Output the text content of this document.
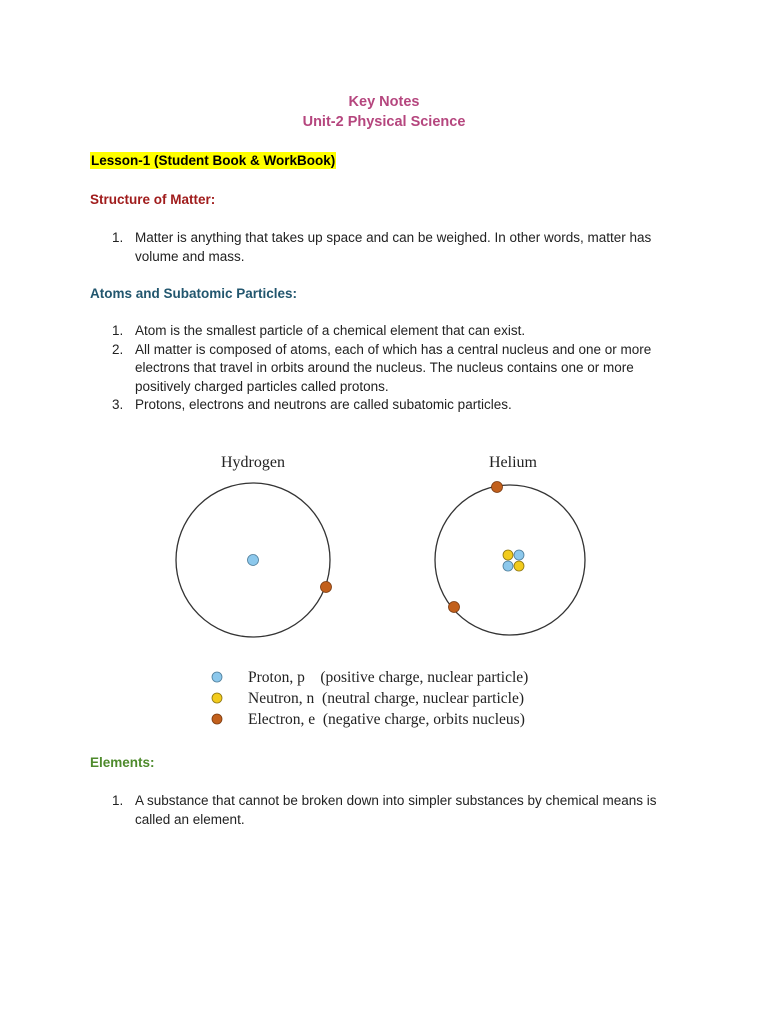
Key Notes
Unit-2 Physical Science
Lesson-1 (Student Book & WorkBook)
Structure of Matter:
1. Matter is anything that takes up space and can be weighed. In other words, matter has volume and mass.
Atoms and Subatomic Particles:
1. Atom is the smallest particle of a chemical element that can exist.
2. All matter is composed of atoms, each of which has a central nucleus and one or more electrons that travel in orbits around the nucleus. The nucleus contains one or more positively charged particles called protons.
3. Protons, electrons and neutrons are called subatomic particles.
Hydrogen	Helium
Proton, p    (positive charge, nuclear particle)
Neutron, n  (neutral charge, nuclear particle)
Electron, e  (negative charge, orbits nucleus)
Elements:
1. A substance that cannot be broken down into simpler substances by chemical means is called an element.
